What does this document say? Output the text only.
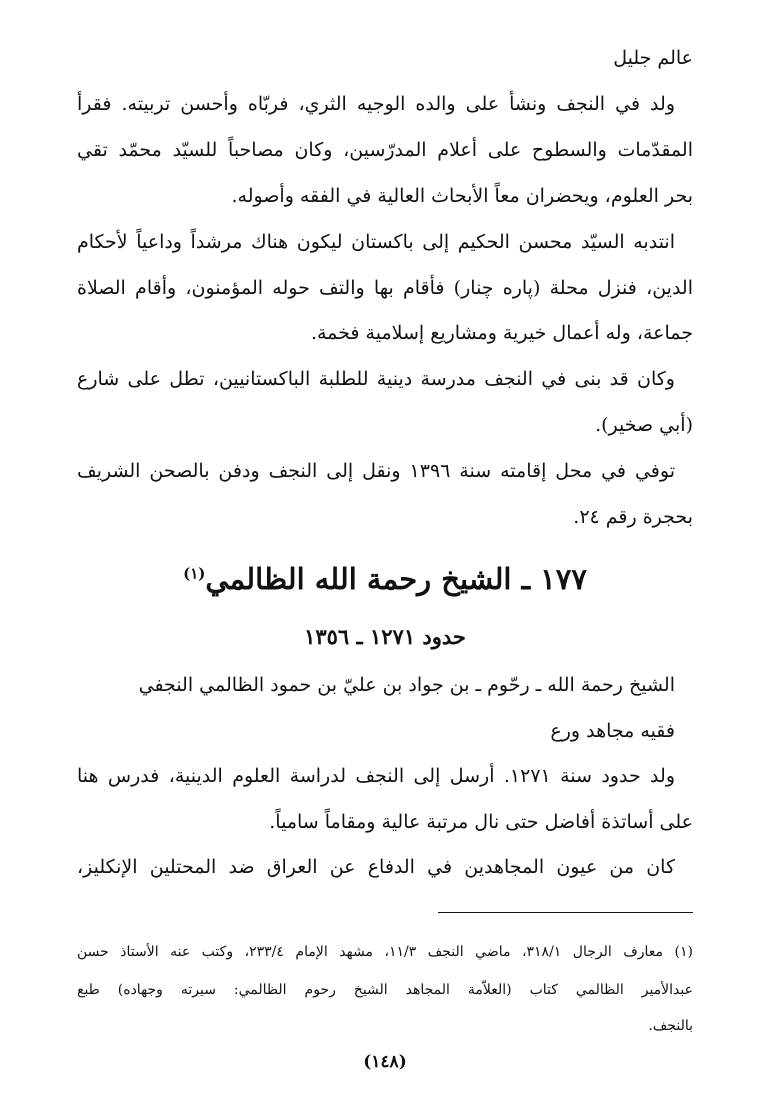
عالم جليل

ولد في النجف ونشأ على والده الوجيه الثري، فربّاه وأحسن تربيته. فقرأ

المقدّمات والسطوح على أعلام المدرّسين، وكان مصاحباً للسيّد محمّد تقي

بحر العلوم، ويحضران معاً الأبحاث العالية في الفقه وأصوله.

انتدبه السيّد محسن الحكيم إلى باكستان ليكون هناك مرشداً وداعياً لأحكام

الدين، فنزل محلة (پاره چنار) فأقام بها والتف حوله المؤمنون، وأقام الصلاة

جماعة، وله أعمال خيرية ومشاريع إسلامية فخمة.

وكان قد بنى في النجف مدرسة دينية للطلبة الباكستانيين، تطل على شارع

(أبي صخير).

توفي في محل إقامته سنة ١٣٩٦ ونقل إلى النجف ودفن بالصحن الشريف

بحجرة رقم ٢٤.

١٧٧ ـ الشيخ رحمة الله الظالمي$^{(١)}$
حدود ١٢٧١ ـ ١٣٥٦

الشيخ رحمة الله ـ رحّوم ـ بن جواد بن عليّ بن حمود الظالمي النجفي

فقيه مجاهد ورع

ولد حدود سنة ١٢٧١. أرسل إلى النجف لدراسة العلوم الدينية، فدرس هنا

على أساتذة أفاضل حتى نال مرتبة عالية ومقاماً سامياً.

كان من عيون المجاهدين في الدفاع عن العراق ضد المحتلين الإنكليز،

(١) معارف الرجال ٣١٨/١، ماضي النجف ١١/٣، مشهد الإمام ٢٣٣/٤، وكتب عنه الأستاذ حسن

عبدالأمير الظالمي كتاب (العلاّمة المجاهد الشيخ رحوم الظالمي: سيرته وجهاده) طبع

بالنجف.

(١٤٨)
